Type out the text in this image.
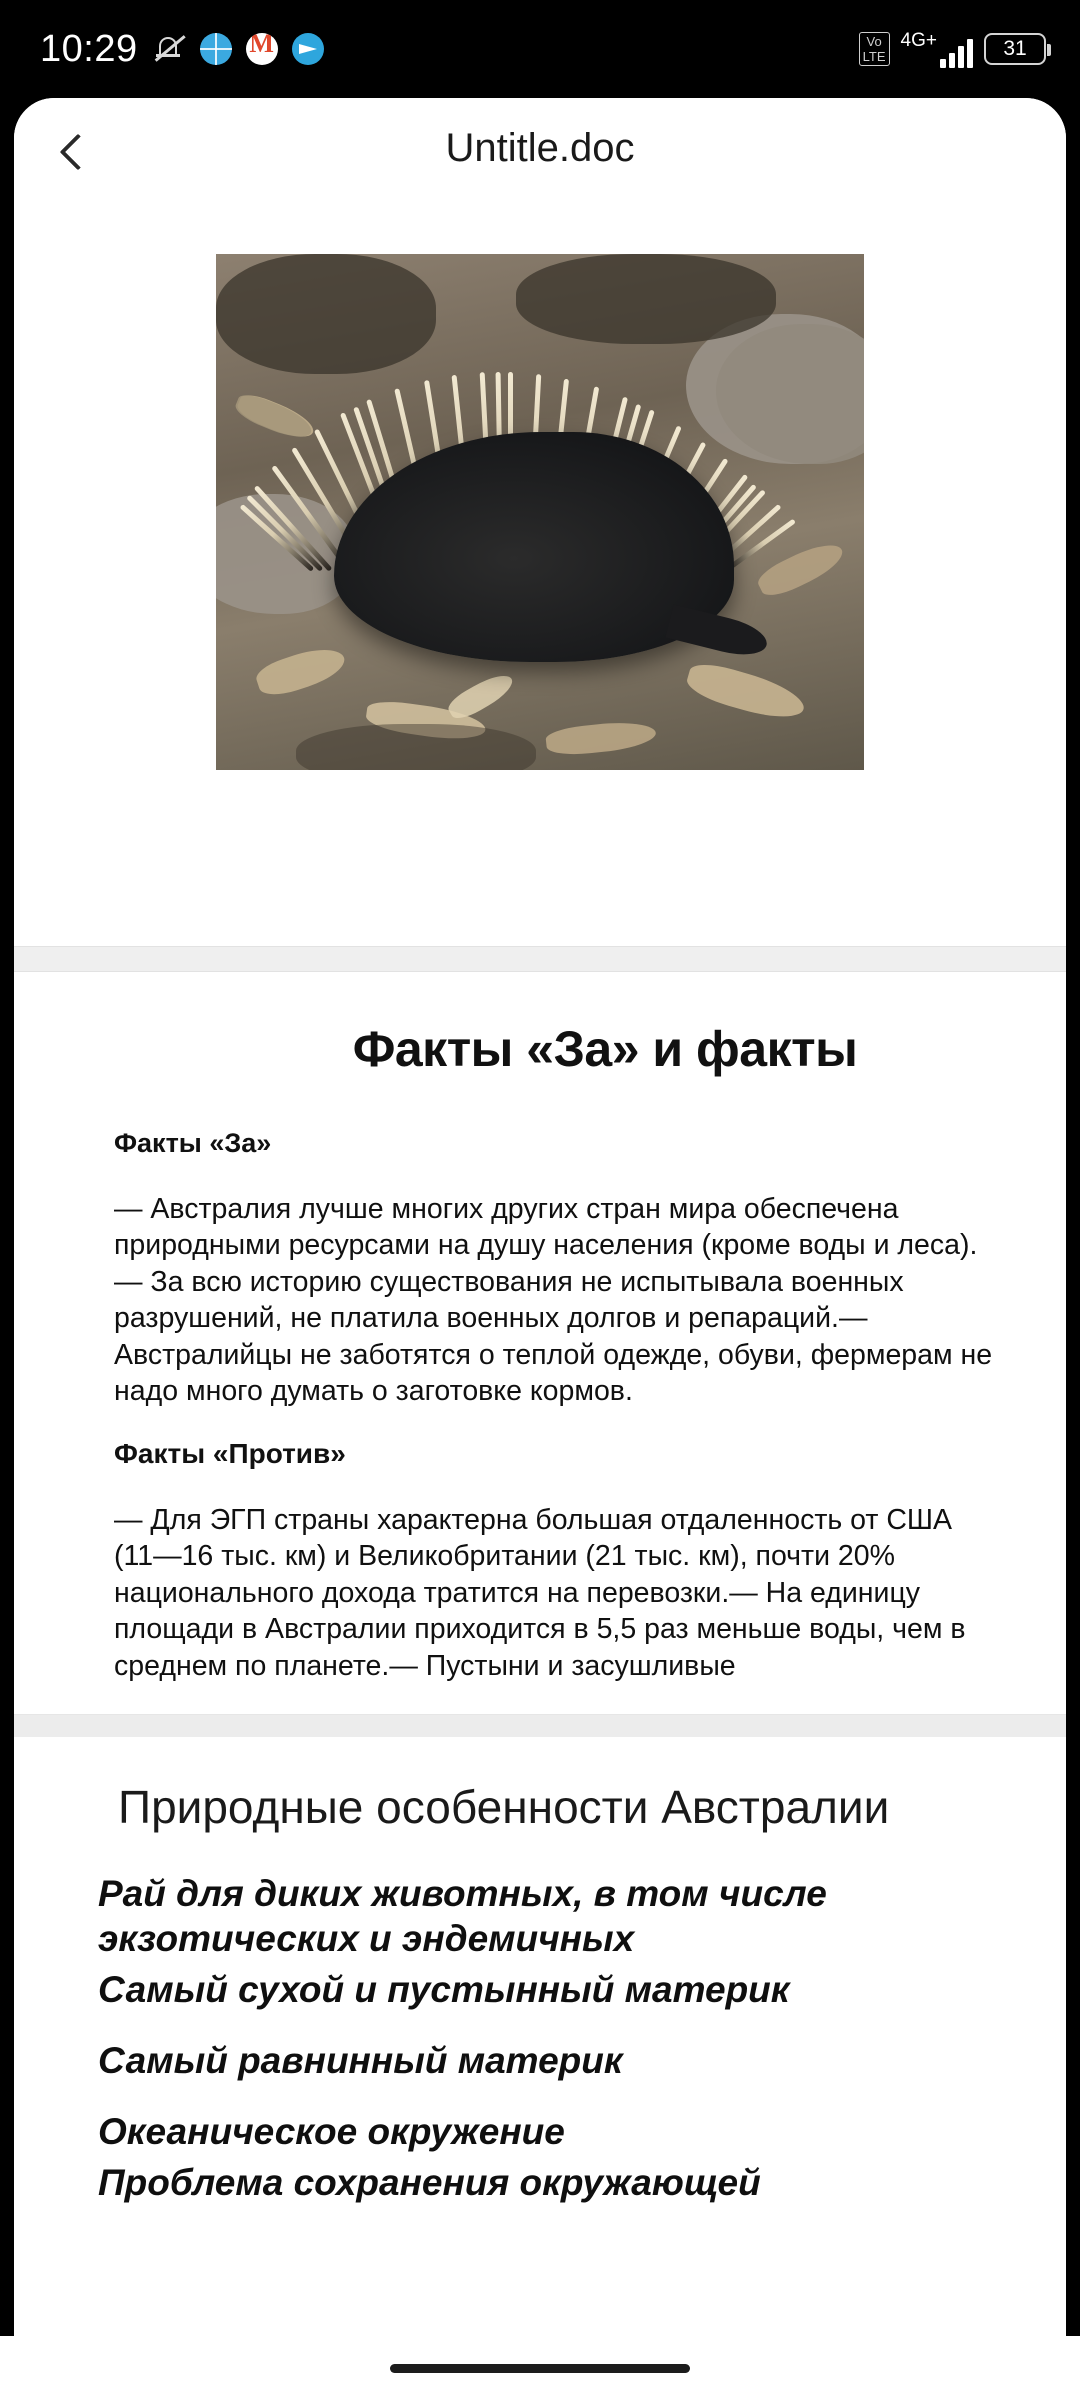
10:29 M	Vo
LTE
4G+	31
Untitle.doc
Факты «За» и факты
Факты «За»
— Австралия лучше многих других стран мира обеспечена природными ресурсами на душу населения (кроме воды и леса).— За всю историю существования не испытывала военных разрушений, не платила военных долгов и репараций.— Австралийцы не заботятся о теплой одежде, обуви, фермерам не надо много думать о заготовке кормов.
Факты «Против»
— Для ЭГП страны характерна большая отдаленность от США (11—16 тыс. км) и Великобритании (21 тыс. км), почти 20% национального дохода тратится на перевозки.— На единицу площади в Австралии приходится в 5,5 раз меньше воды, чем в среднем по планете.— Пустыни и засушливые
Природные особенности Австралии
Рай для диких животных, в том числе экзотических и эндемичных
Самый сухой и пустынный материк
Самый равнинный материк
Океаническое окружение
Проблема сохранения окружающей
